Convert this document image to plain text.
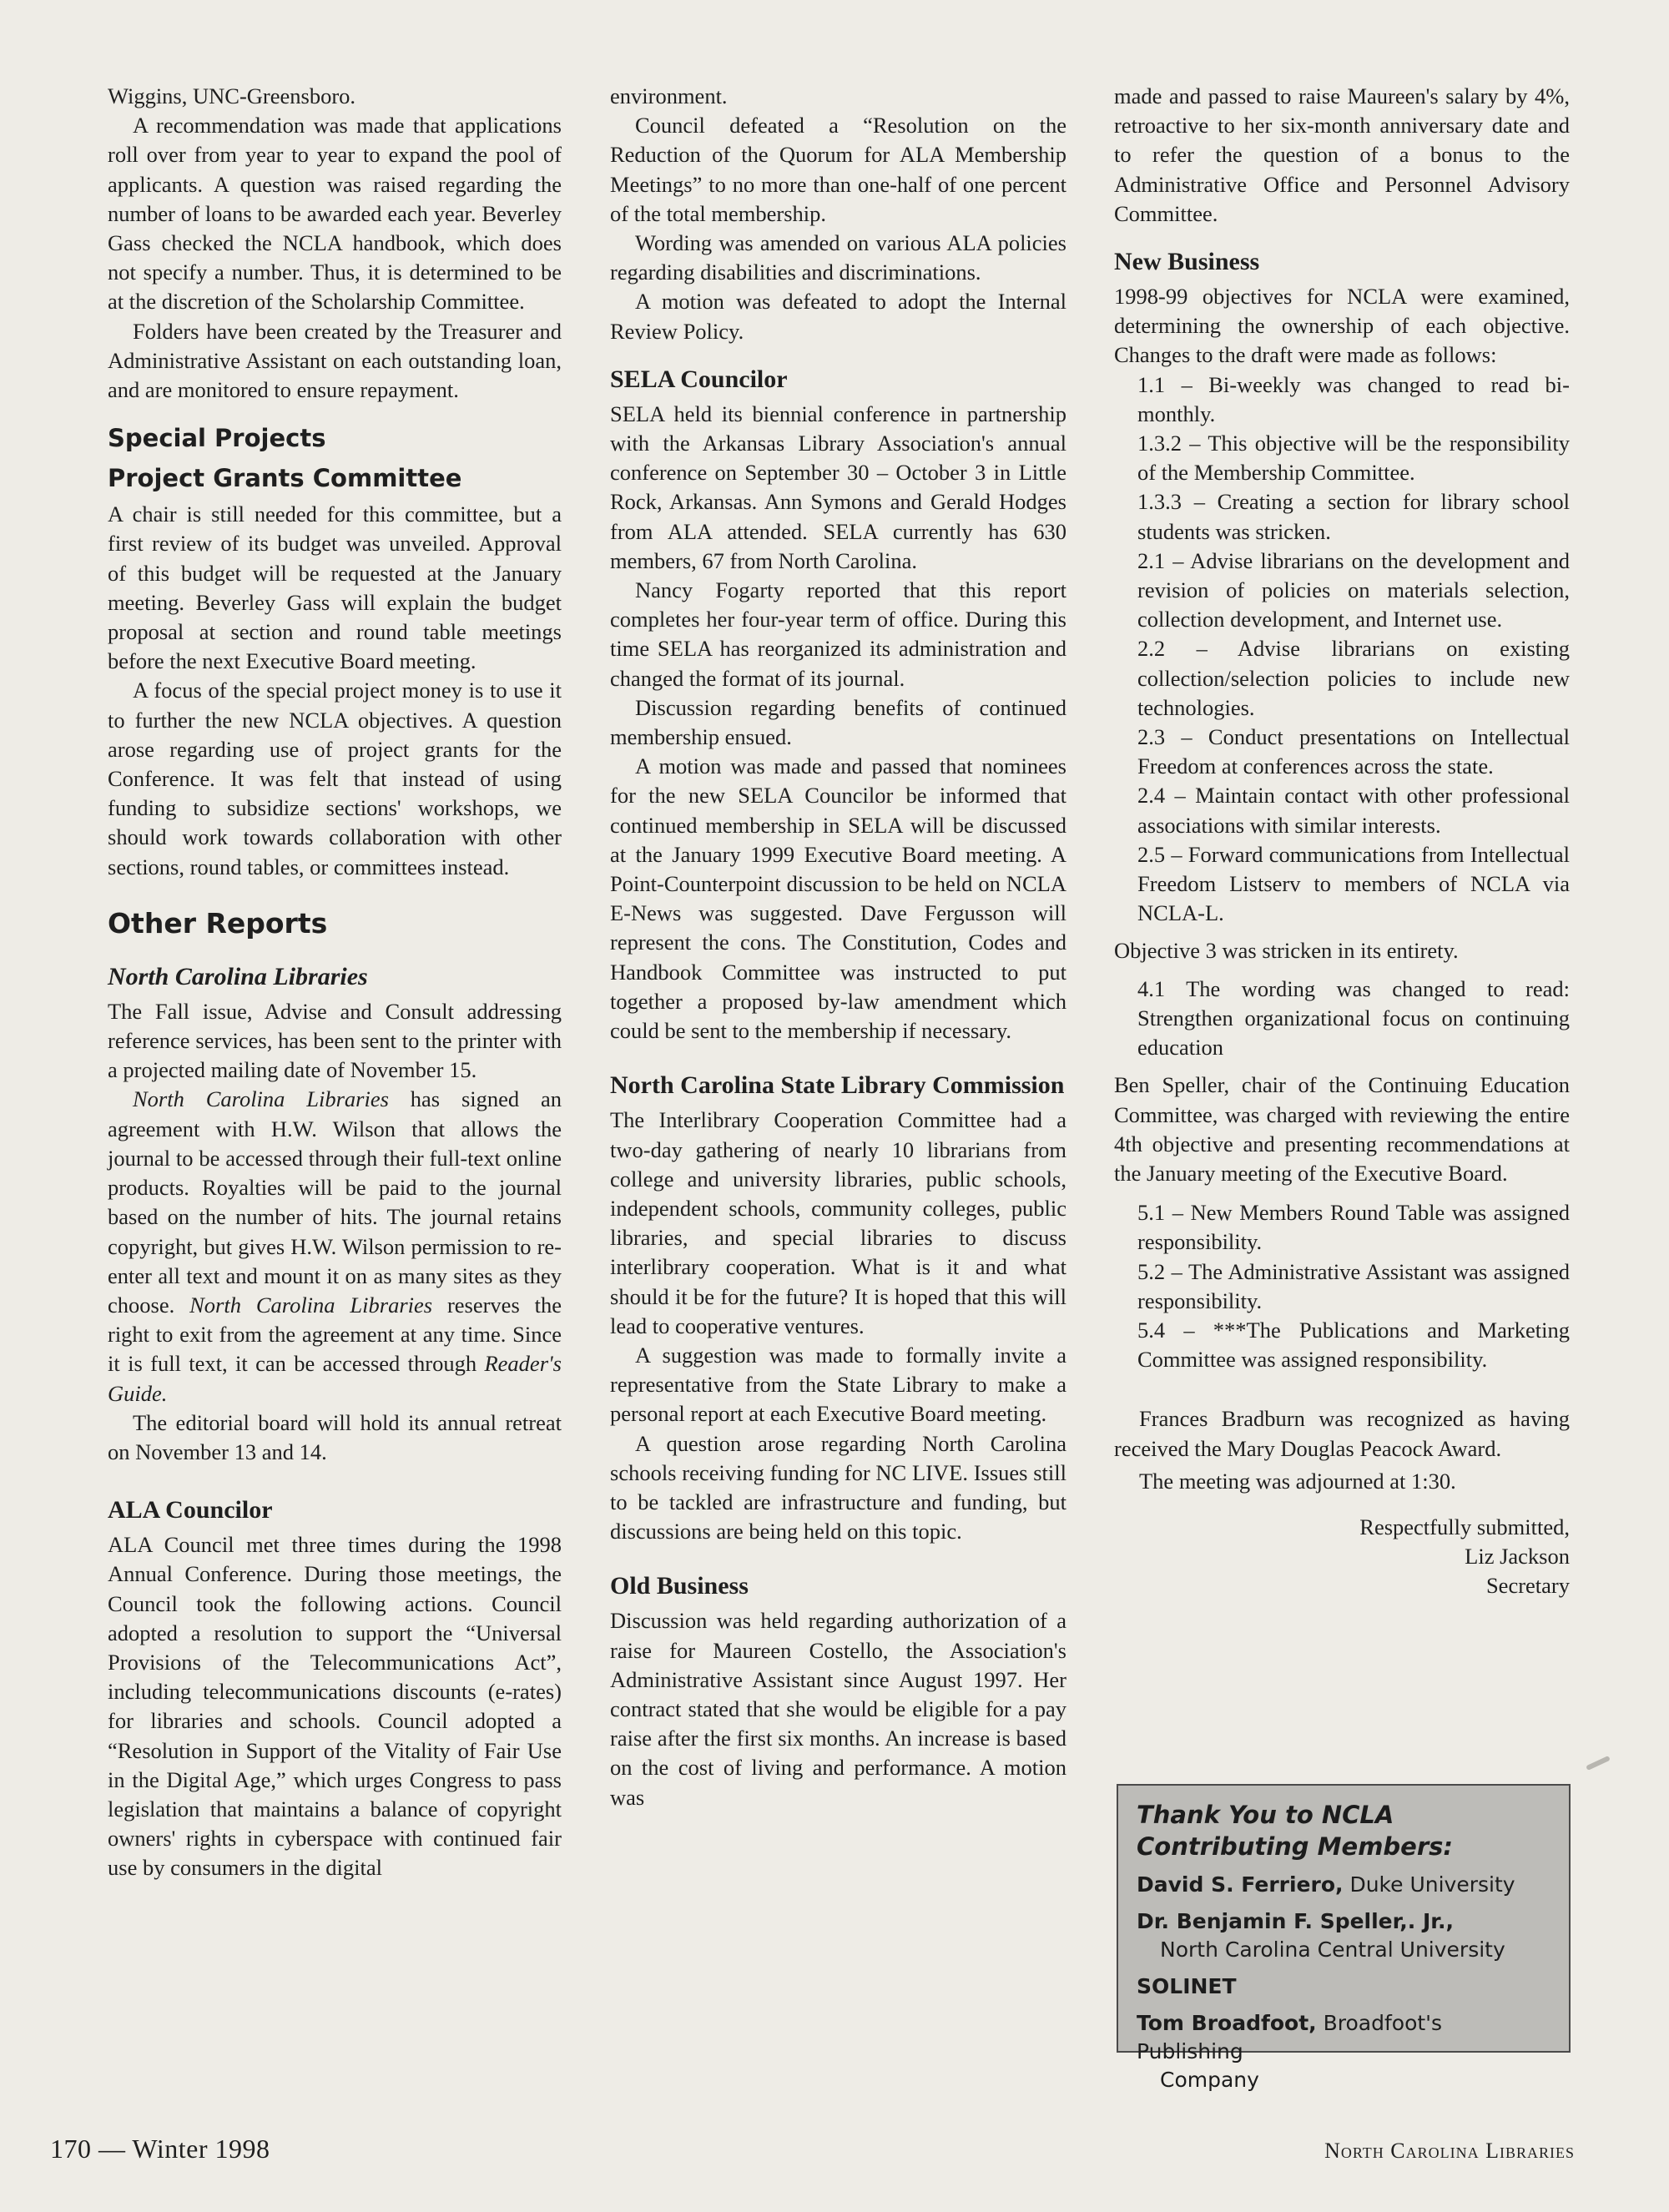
Wiggins, UNC-Greensboro.

A recommendation was made that applications roll over from year to year to expand the pool of applicants. A question was raised regarding the number of loans to be awarded each year. Beverley Gass checked the NCLA handbook, which does not specify a number. Thus, it is determined to be at the discretion of the Scholarship Committee.

Folders have been created by the Treasurer and Administrative Assistant on each outstanding loan, and are monitored to ensure repayment.

Special Projects
Project Grants Committee

A chair is still needed for this committee, but a first review of its budget was unveiled. Approval of this budget will be requested at the January meeting. Beverley Gass will explain the budget proposal at section and round table meetings before the next Executive Board meeting.

A focus of the special project money is to use it to further the new NCLA objectives. A question arose regarding use of project grants for the Conference. It was felt that instead of using funding to subsidize sections' workshops, we should work towards collaboration with other sections, round tables, or committees instead.

Other Reports
North Carolina Libraries

The Fall issue, Advise and Consult addressing reference services, has been sent to the printer with a projected mailing date of November 15.

North Carolina Libraries has signed an agreement with H.W. Wilson that allows the journal to be accessed through their full-text online products. Royalties will be paid to the journal based on the number of hits. The journal retains copyright, but gives H.W. Wilson permission to re-enter all text and mount it on as many sites as they choose. North Carolina Libraries reserves the right to exit from the agreement at any time. Since it is full text, it can be accessed through Reader's Guide.

The editorial board will hold its annual retreat on November 13 and 14.

ALA Councilor

ALA Council met three times during the 1998 Annual Conference. During those meetings, the Council took the following actions. Council adopted a resolution to support the “Universal Provisions of the Telecommunications Act”, including telecommunications discounts (e-rates) for libraries and schools. Council adopted a “Resolution in Support of the Vitality of Fair Use in the Digital Age,” which urges Congress to pass legislation that maintains a balance of copyright owners' rights in cyberspace with continued fair use by consumers in the digital

environment.

Council defeated a “Resolution on the Reduction of the Quorum for ALA Membership Meetings” to no more than one-half of one percent of the total membership.

Wording was amended on various ALA policies regarding disabilities and discriminations.

A motion was defeated to adopt the Internal Review Policy.

SELA Councilor

SELA held its biennial conference in partnership with the Arkansas Library Association's annual conference on September 30 – October 3 in Little Rock, Arkansas. Ann Symons and Gerald Hodges from ALA attended. SELA currently has 630 members, 67 from North Carolina.

Nancy Fogarty reported that this report completes her four-year term of office. During this time SELA has reorganized its administration and changed the format of its journal.

Discussion regarding benefits of continued membership ensued.

A motion was made and passed that nominees for the new SELA Councilor be informed that continued membership in SELA will be discussed at the January 1999 Executive Board meeting. A Point-Counterpoint discussion to be held on NCLA E-News was suggested. Dave Fergusson will represent the cons. The Constitution, Codes and Handbook Committee was instructed to put together a proposed by-law amendment which could be sent to the membership if necessary.

North Carolina State Library Commission

The Interlibrary Cooperation Committee had a two-day gathering of nearly 10 librarians from college and university libraries, public schools, independent schools, community colleges, public libraries, and special libraries to discuss interlibrary cooperation. What is it and what should it be for the future? It is hoped that this will lead to cooperative ventures.

A suggestion was made to formally invite a representative from the State Library to make a personal report at each Executive Board meeting.

A question arose regarding North Carolina schools receiving funding for NC LIVE. Issues still to be tackled are infrastructure and funding, but discussions are being held on this topic.

Old Business

Discussion was held regarding authorization of a raise for Maureen Costello, the Association's Administrative Assistant since August 1997. Her contract stated that she would be eligible for a pay raise after the first six months. An increase is based on the cost of living and performance. A motion was

made and passed to raise Maureen's salary by 4%, retroactive to her six-month anniversary date and to refer the question of a bonus to the Administrative Office and Personnel Advisory Committee.

New Business

1998-99 objectives for NCLA were examined, determining the ownership of each objective. Changes to the draft were made as follows:

1.1 – Bi-weekly was changed to read bi-monthly.

1.3.2 – This objective will be the responsibility of the Membership Committee.

1.3.3 – Creating a section for library school students was stricken.

2.1 – Advise librarians on the development and revision of policies on materials selection, collection development, and Internet use.

2.2 – Advise librarians on existing collection/selection policies to include new technologies.

2.3 – Conduct presentations on Intellectual Freedom at conferences across the state.

2.4 – Maintain contact with other professional associations with similar interests.

2.5 – Forward communications from Intellectual Freedom Listserv to members of NCLA via NCLA-L.

Objective 3 was stricken in its entirety.

4.1 The wording was changed to read: Strengthen organizational focus on continuing education

Ben Speller, chair of the Continuing Education Committee, was charged with reviewing the entire 4th objective and presenting recommendations at the January meeting of the Executive Board.

5.1 – New Members Round Table was assigned responsibility.

5.2 – The Administrative Assistant was assigned responsibility.

5.4 – ***The Publications and Marketing Committee was assigned responsibility.

Frances Bradburn was recognized as having received the Mary Douglas Peacock Award.

The meeting was adjourned at 1:30.

Respectfully submitted,
Liz Jackson
Secretary
Thank You to NCLA
Contributing Members:
David S. Ferriero, Duke University
Dr. Benjamin F. Speller,. Jr.,
North Carolina Central University
SOLINET
Tom Broadfoot, Broadfoot's Publishing
Company
170 — Winter 1998	North Carolina Libraries
